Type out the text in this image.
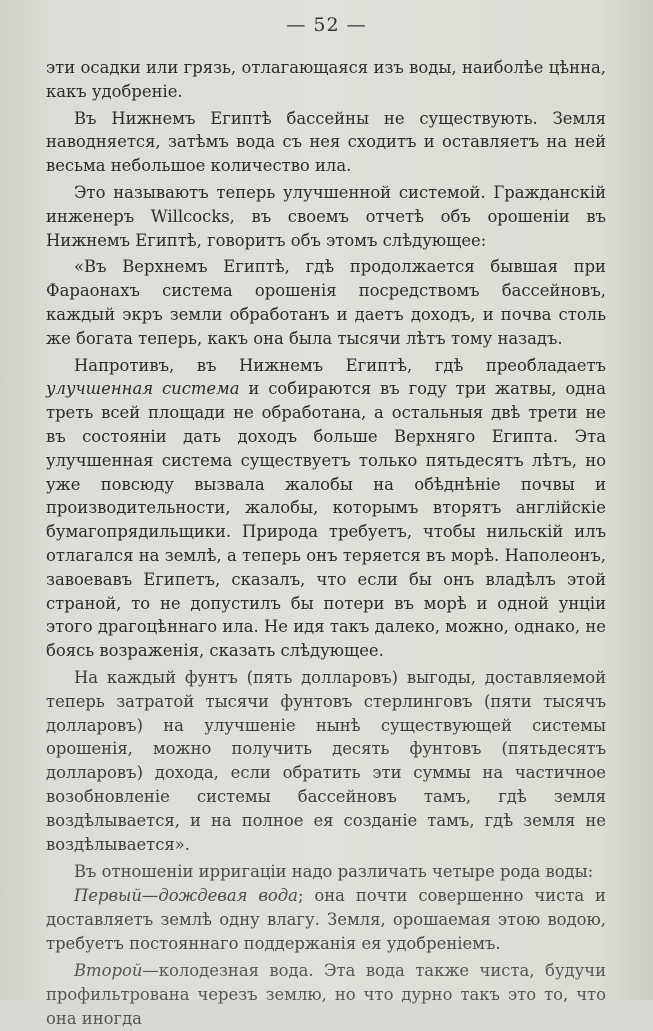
— 52 —

эти осадки или грязь, отлагающаяся изъ воды, наиболѣе цѣнна, какъ удобреніе.

Въ Нижнемъ Египтѣ бассейны не существують. Земля наводняется, затѣмъ вода съ нея сходитъ и оставляетъ на ней весьма небольшое количество ила.

Это называютъ теперь улучшенной системой. Гражданскій инженеръ Willcocks, въ своемъ отчетѣ объ орошеніи въ Нижнемъ Египтѣ, говоритъ объ этомъ слѣдующее:

«Въ Верхнемъ Египтѣ, гдѣ продолжается бывшая при Фараонахъ система орошенія посредствомъ бассейновъ, каждый экръ земли обработанъ и даетъ доходъ, и почва столь же богата теперь, какъ она была тысячи лѣтъ тому назадъ.

Напротивъ, въ Нижнемъ Египтѣ, гдѣ преобладаетъ улучшенная система и собираются въ году три жатвы, одна треть всей площади не обработана, а остальныя двѣ трети не въ состояніи дать доходъ больше Верхняго Египта. Эта улучшенная система существуетъ только пятьдесятъ лѣтъ, но уже повсюду вызвала жалобы на обѣднѣніе почвы и производительности, жалобы, которымъ вторятъ англійскіе бумагопрядильщики. Природа требуетъ, чтобы нильскій илъ отлагался на землѣ, а теперь онъ теряется въ морѣ. Наполеонъ, завоевавъ Египетъ, сказалъ, что если бы онъ владѣлъ этой страной, то не допустилъ бы потери въ морѣ и одной унціи этого драгоцѣннаго ила. Не идя такъ далеко, можно, однако, не боясь возраженія, сказать слѣдующее.

На каждый фунтъ (пять долларовъ) выгоды, доставляемой теперь затратой тысячи фунтовъ стерлинговъ (пяти тысячъ долларовъ) на улучшеніе нынѣ существующей системы орошенія, можно получить десять фунтовъ (пятьдесятъ долларовъ) дохода, если обратить эти суммы на частичное возобновленіе системы бассейновъ тамъ, гдѣ земля воздѣлывается, и на полное ея созданіе тамъ, гдѣ земля не воздѣлывается».

Въ отношеніи ирригаціи надо различать четыре рода воды:

Первый—дождевая вода; она почти совершенно чиста и доставляетъ землѣ одну влагу. Земля, орошаемая этою водою, требуетъ постояннаго поддержанія ея удобреніемъ.

Второй—колодезная вода. Эта вода также чиста, будучи профильтрована черезъ землю, но что дурно такъ это то, что она иногда
